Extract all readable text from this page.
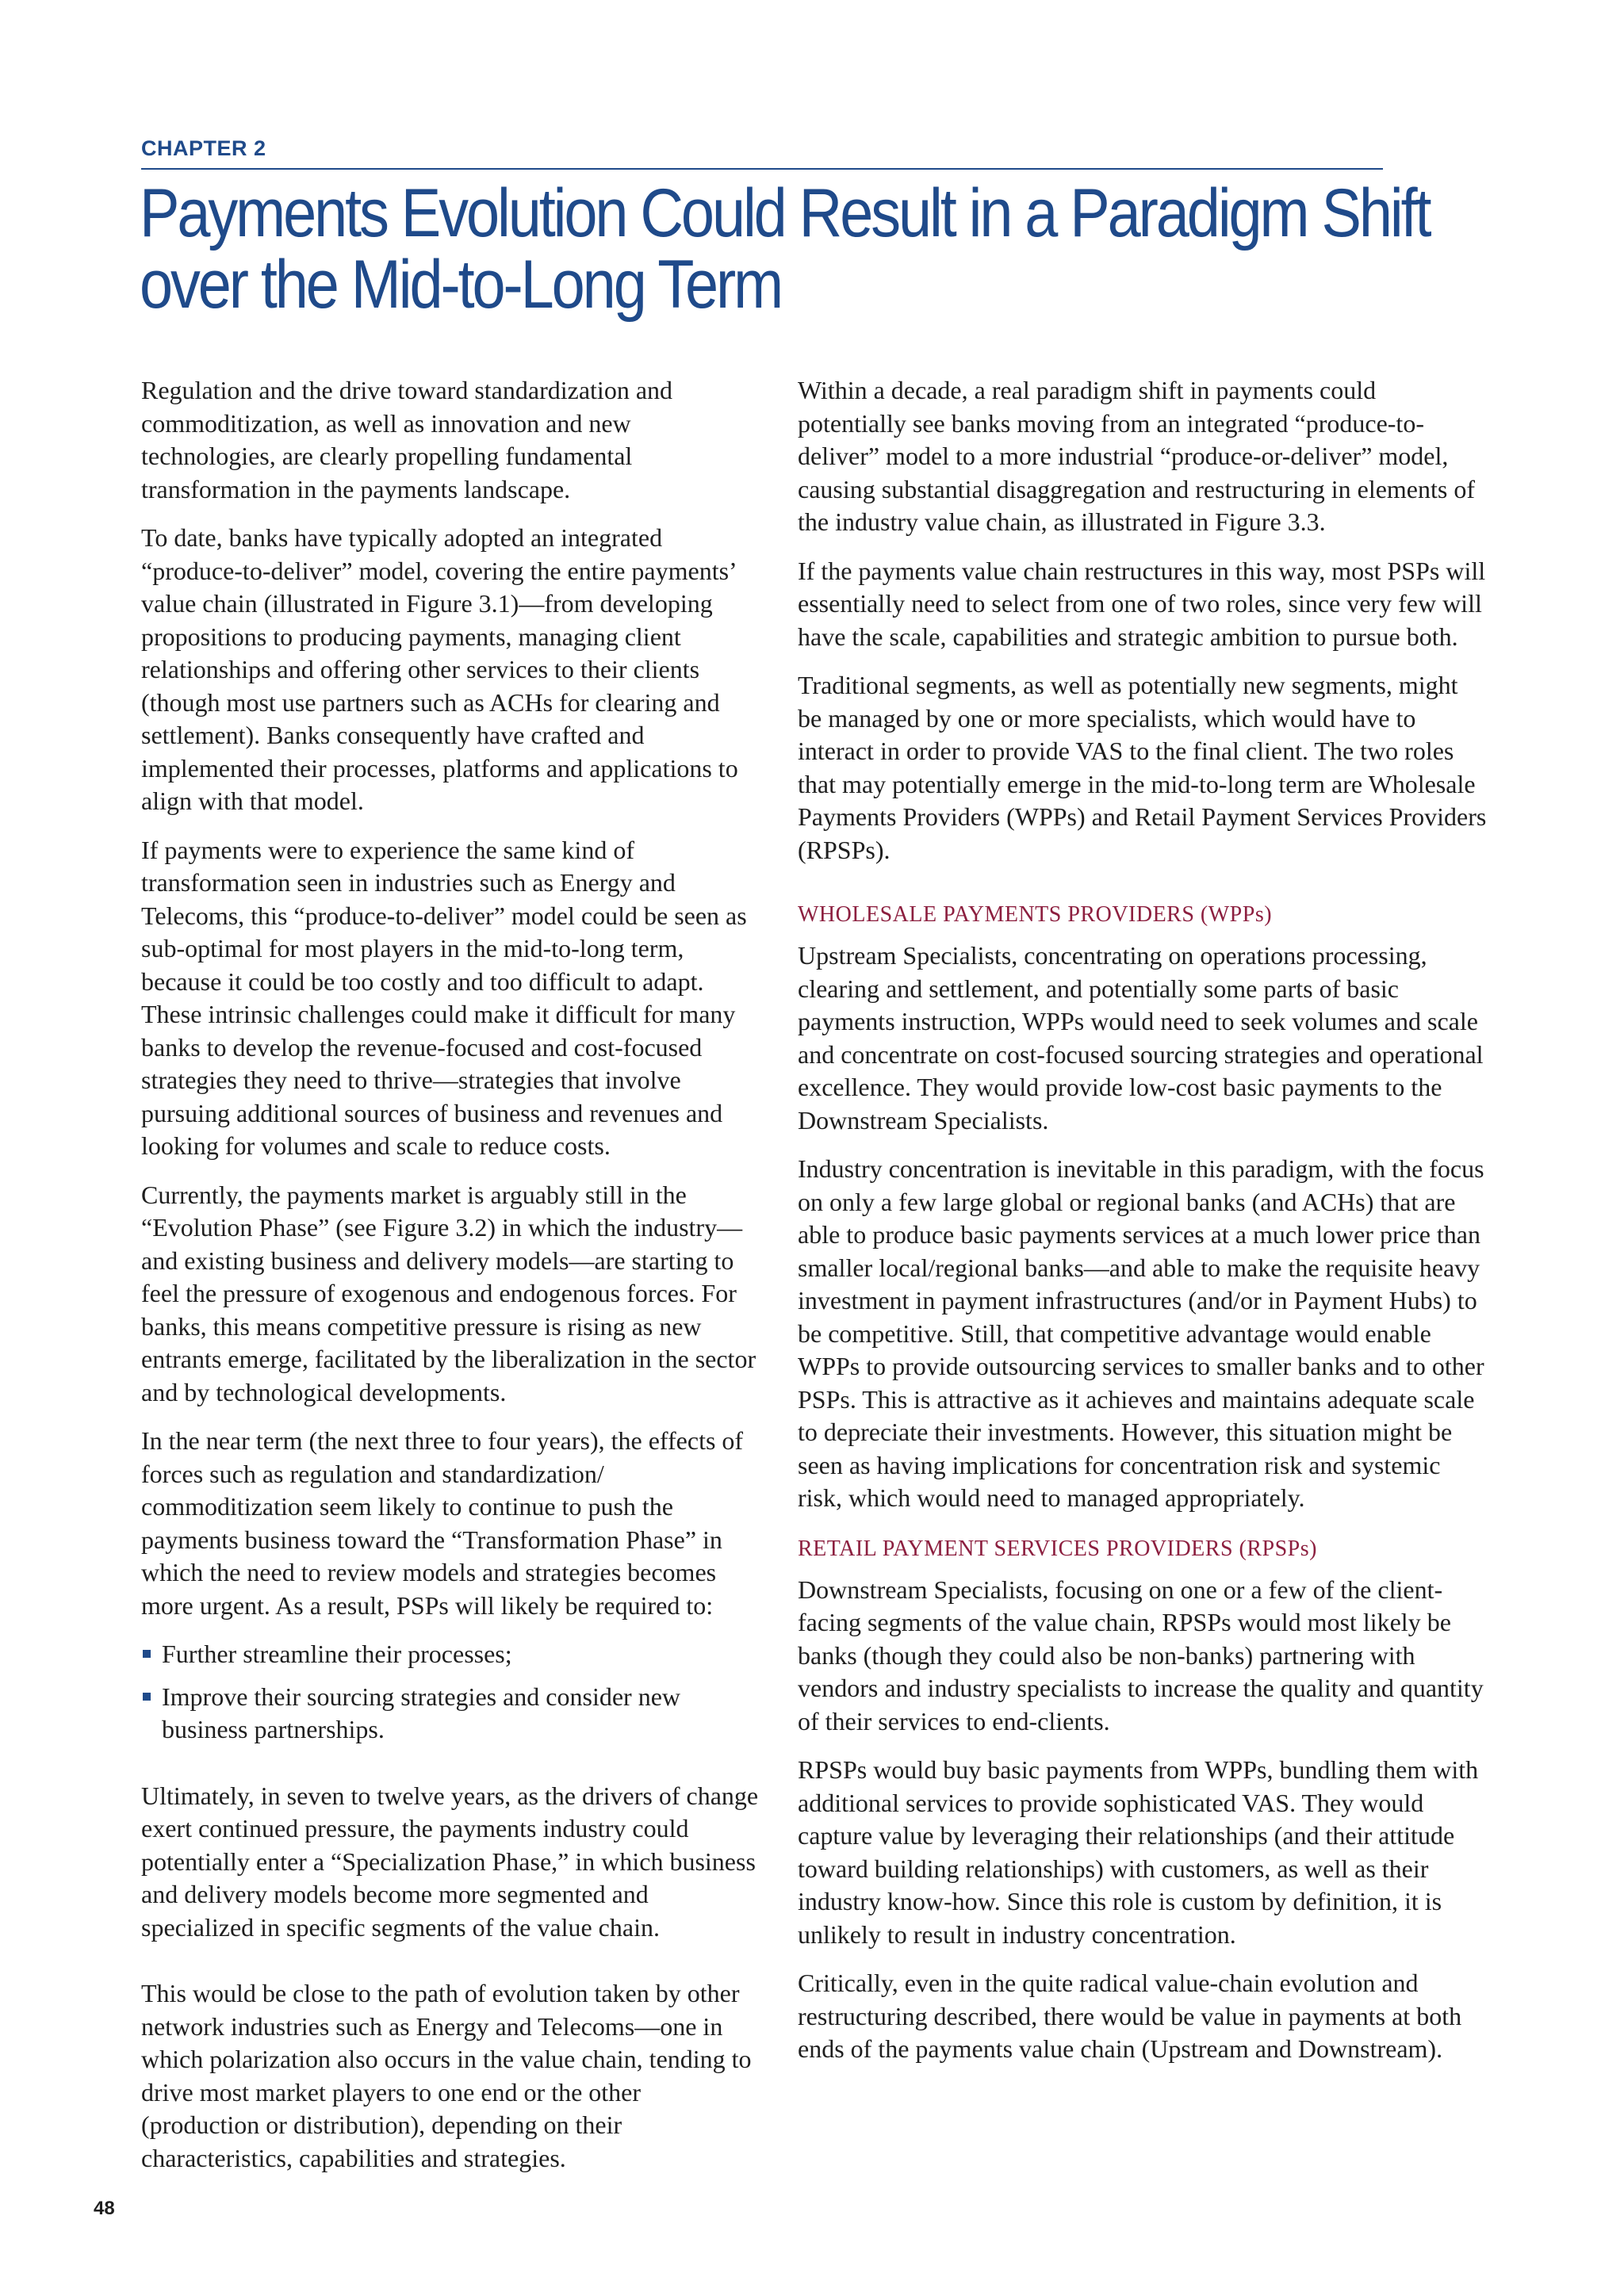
CHAPTER 2
Payments Evolution Could Result in a Paradigm Shift
over the Mid-to-Long Term

Regulation and the drive toward standardization and commoditization, as well as innovation and new technologies, are clearly propelling fundamental transformation in the payments landscape.

To date, banks have typically adopted an integrated “produce-to-deliver” model, covering the entire payments’ value chain (illustrated in Figure 3.1)—from developing propositions to producing payments, managing client relationships and offering other services to their clients (though most use partners such as ACHs for clearing and settlement). Banks consequently have crafted and implemented their processes, platforms and applications to align with that model.

If payments were to experience the same kind of transformation seen in industries such as Energy and Telecoms, this “produce-to-deliver” model could be seen as sub-optimal for most players in the mid-to-long term, because it could be too costly and too difficult to adapt. These intrinsic challenges could make it difficult for many banks to develop the revenue-focused and cost-focused strategies they need to thrive—strategies that involve pursuing additional sources of business and revenues and looking for volumes and scale to reduce costs.

Currently, the payments market is arguably still in the “Evolution Phase” (see Figure 3.2) in which the industry—and existing business and delivery models—are starting to feel the pressure of exogenous and endogenous forces. For banks, this means competitive pressure is rising as new entrants emerge, facilitated by the liberalization in the sector and by technological developments.

In the near term (the next three to four years), the effects of forces such as regulation and standardization/ commoditization seem likely to continue to push the payments business toward the “Transformation Phase” in which the need to review models and strategies becomes more urgent. As a result, PSPs will likely be required to:

Further streamline their processes;
Improve their sourcing strategies and consider new business partnerships.

Ultimately, in seven to twelve years, as the drivers of change exert continued pressure, the payments industry could potentially enter a “Specialization Phase,” in which business and delivery models become more segmented and specialized in specific segments of the value chain.

This would be close to the path of evolution taken by other network industries such as Energy and Telecoms—one in which polarization also occurs in the value chain, tending to drive most market players to one end or the other (production or distribution), depending on their characteristics, capabilities and strategies.

Within a decade, a real paradigm shift in payments could potentially see banks moving from an integrated “produce-to-deliver” model to a more industrial “produce-or-deliver” model, causing substantial disaggregation and restructuring in elements of the industry value chain, as illustrated in Figure 3.3.

If the payments value chain restructures in this way, most PSPs will essentially need to select from one of two roles, since very few will have the scale, capabilities and strategic ambition to pursue both.

Traditional segments, as well as potentially new segments, might be managed by one or more specialists, which would have to interact in order to provide VAS to the final client. The two roles that may potentially emerge in the mid-to-long term are Wholesale Payments Providers (WPPs) and Retail Payment Services Providers (RPSPs).

WHOLESALE PAYMENTS PROVIDERS (WPPs)

Upstream Specialists, concentrating on operations processing, clearing and settlement, and potentially some parts of basic payments instruction, WPPs would need to seek volumes and scale and concentrate on cost-focused sourcing strategies and operational excellence. They would provide low-cost basic payments to the Downstream Specialists.

Industry concentration is inevitable in this paradigm, with the focus on only a few large global or regional banks (and ACHs) that are able to produce basic payments services at a much lower price than smaller local/regional banks—and able to make the requisite heavy investment in payment infrastructures (and/or in Payment Hubs) to be competitive. Still, that competitive advantage would enable WPPs to provide outsourcing services to smaller banks and to other PSPs. This is attractive as it achieves and maintains adequate scale to depreciate their investments. However, this situation might be seen as having implications for concentration risk and systemic risk, which would need to managed appropriately.

RETAIL PAYMENT SERVICES PROVIDERS (RPSPs)

Downstream Specialists, focusing on one or a few of the client-facing segments of the value chain, RPSPs would most likely be banks (though they could also be non-banks) partnering with vendors and industry specialists to increase the quality and quantity of their services to end-clients.

RPSPs would buy basic payments from WPPs, bundling them with additional services to provide sophisticated VAS. They would capture value by leveraging their relationships (and their attitude toward building relationships) with customers, as well as their industry know-how. Since this role is custom by definition, it is unlikely to result in industry concentration.

Critically, even in the quite radical value-chain evolution and restructuring described, there would be value in payments at both ends of the payments value chain (Upstream and Downstream).

48
